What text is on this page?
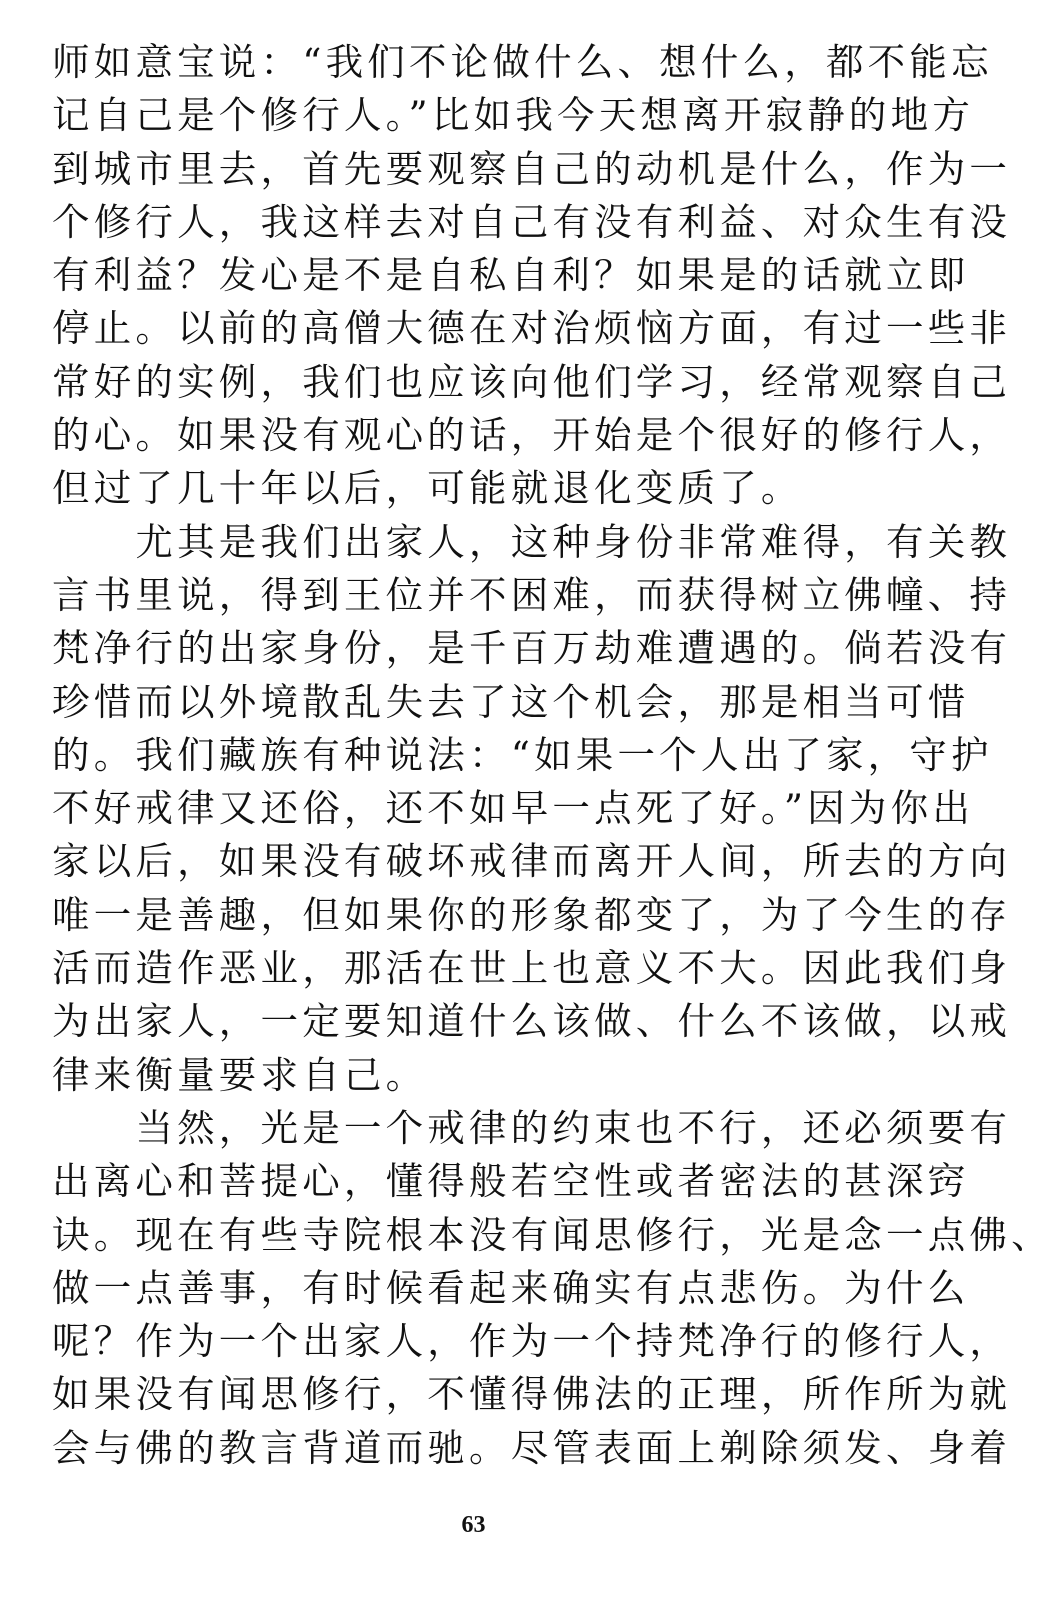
师如意宝说：“我们不论做什么、想什么，都不能忘
记自己是个修行人。”比如我今天想离开寂静的地方
到城市里去，首先要观察自己的动机是什么，作为一
个修行人，我这样去对自己有没有利益、对众生有没
有利益？发心是不是自私自利？如果是的话就立即
停止。以前的高僧大德在对治烦恼方面，有过一些非
常好的实例，我们也应该向他们学习，经常观察自己
的心。如果没有观心的话，开始是个很好的修行人，
但过了几十年以后，可能就退化变质了。
　　尤其是我们出家人，这种身份非常难得，有关教
言书里说，得到王位并不困难，而获得树立佛幢、持
梵净行的出家身份，是千百万劫难遭遇的。倘若没有
珍惜而以外境散乱失去了这个机会，那是相当可惜
的。我们藏族有种说法：“如果一个人出了家，守护
不好戒律又还俗，还不如早一点死了好。”因为你出
家以后，如果没有破坏戒律而离开人间，所去的方向
唯一是善趣，但如果你的形象都变了，为了今生的存
活而造作恶业，那活在世上也意义不大。因此我们身
为出家人，一定要知道什么该做、什么不该做，以戒
律来衡量要求自己。
　　当然，光是一个戒律的约束也不行，还必须要有
出离心和菩提心，懂得般若空性或者密法的甚深窍
诀。现在有些寺院根本没有闻思修行，光是念一点佛、
做一点善事，有时候看起来确实有点悲伤。为什么
呢？作为一个出家人，作为一个持梵净行的修行人，
如果没有闻思修行，不懂得佛法的正理，所作所为就
会与佛的教言背道而驰。尽管表面上剃除须发、身着
63
